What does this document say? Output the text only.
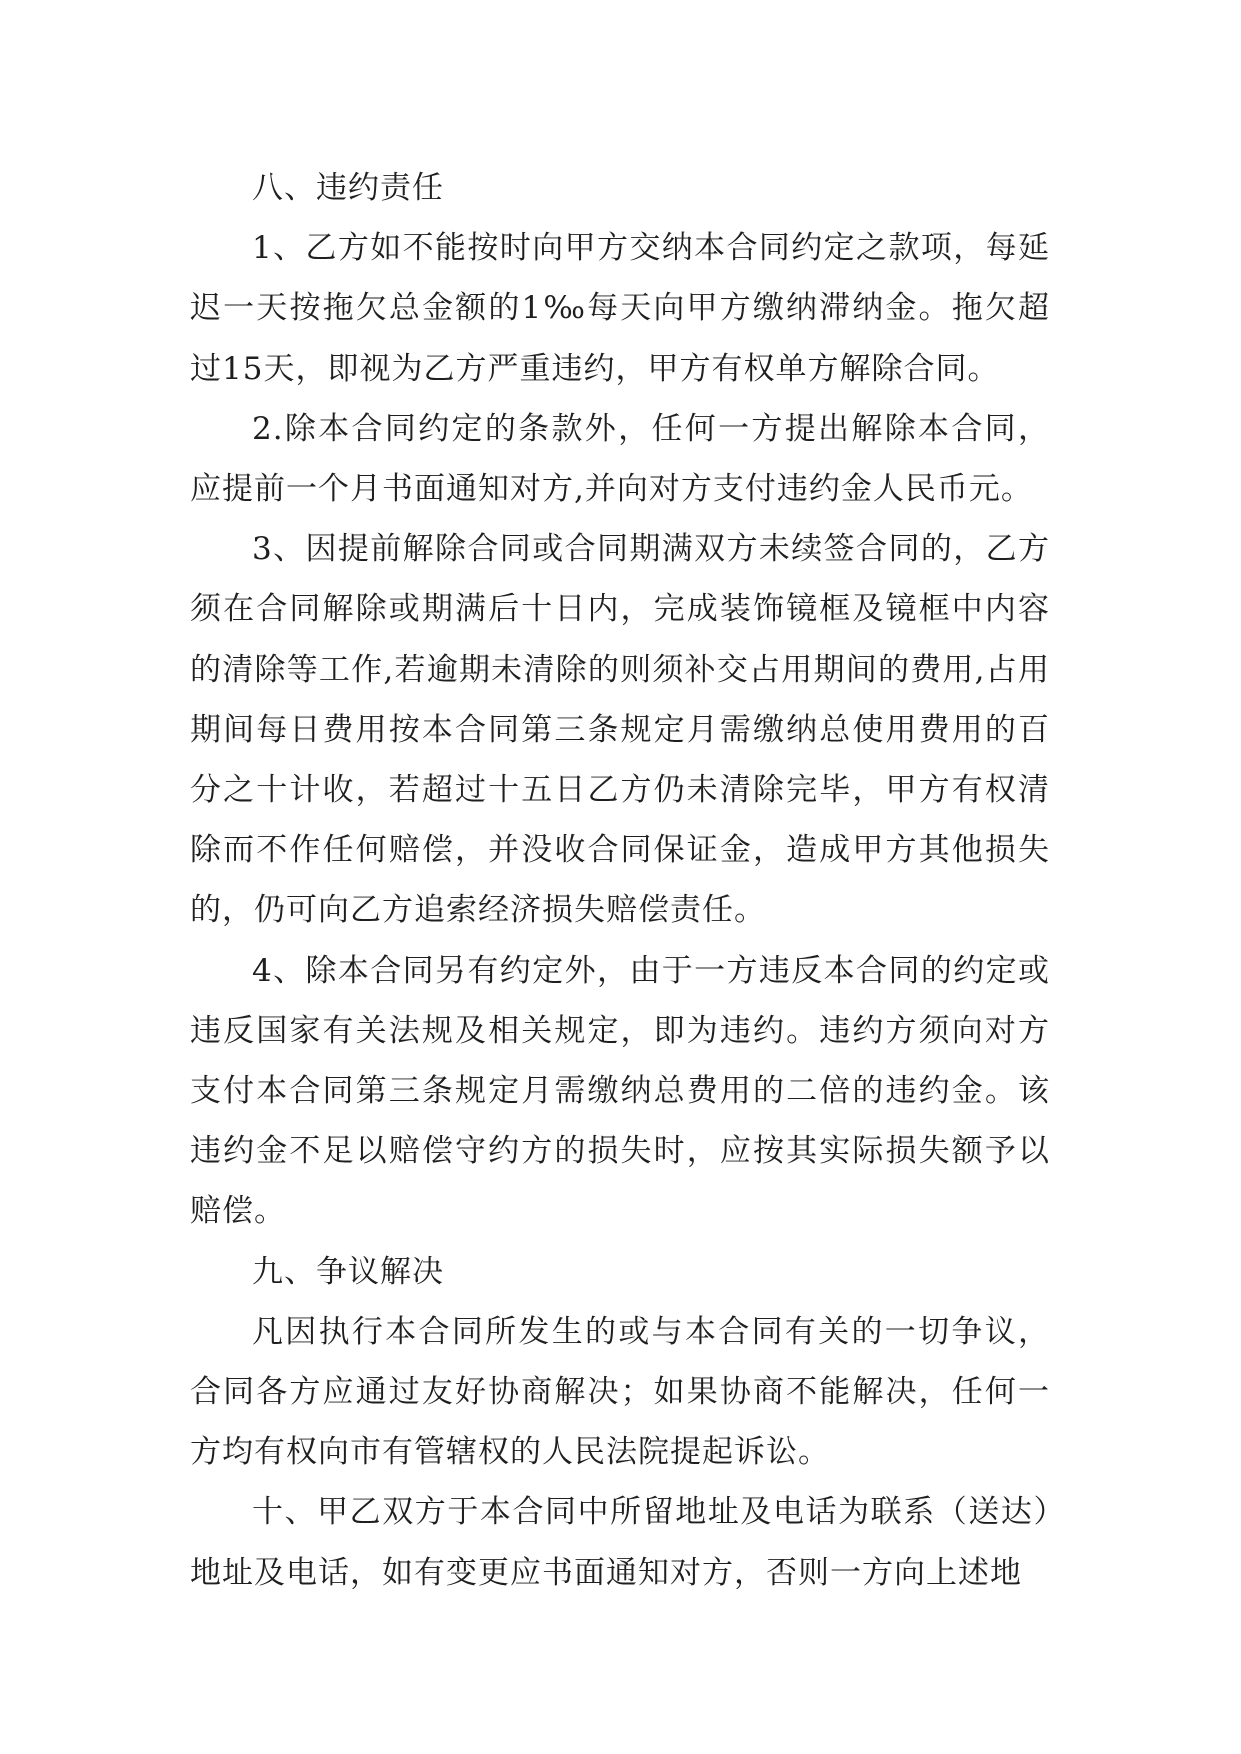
八、违约责任

1、乙方如不能按时向甲方交纳本合同约定之款项，每延迟一天按拖欠总金额的1‰每天向甲方缴纳滞纳金。拖欠超过15天，即视为乙方严重违约，甲方有权单方解除合同。

2.除本合同约定的条款外，任何一方提出解除本合同，应提前一个月书面通知对方,并向对方支付违约金人民币元。

3、因提前解除合同或合同期满双方未续签合同的，乙方须在合同解除或期满后十日内，完成装饰镜框及镜框中内容的清除等工作,若逾期未清除的则须补交占用期间的费用,占用期间每日费用按本合同第三条规定月需缴纳总使用费用的百分之十计收，若超过十五日乙方仍未清除完毕，甲方有权清除而不作任何赔偿，并没收合同保证金，造成甲方其他损失的，仍可向乙方追索经济损失赔偿责任。

4、除本合同另有约定外，由于一方违反本合同的约定或违反国家有关法规及相关规定，即为违约。违约方须向对方支付本合同第三条规定月需缴纳总费用的二倍的违约金。该违约金不足以赔偿守约方的损失时，应按其实际损失额予以赔偿。

九、争议解决

凡因执行本合同所发生的或与本合同有关的一切争议，合同各方应通过友好协商解决；如果协商不能解决，任何一方均有权向市有管辖权的人民法院提起诉讼。

十、甲乙双方于本合同中所留地址及电话为联系（送达）地址及电话，如有变更应书面通知对方，否则一方向上述地
